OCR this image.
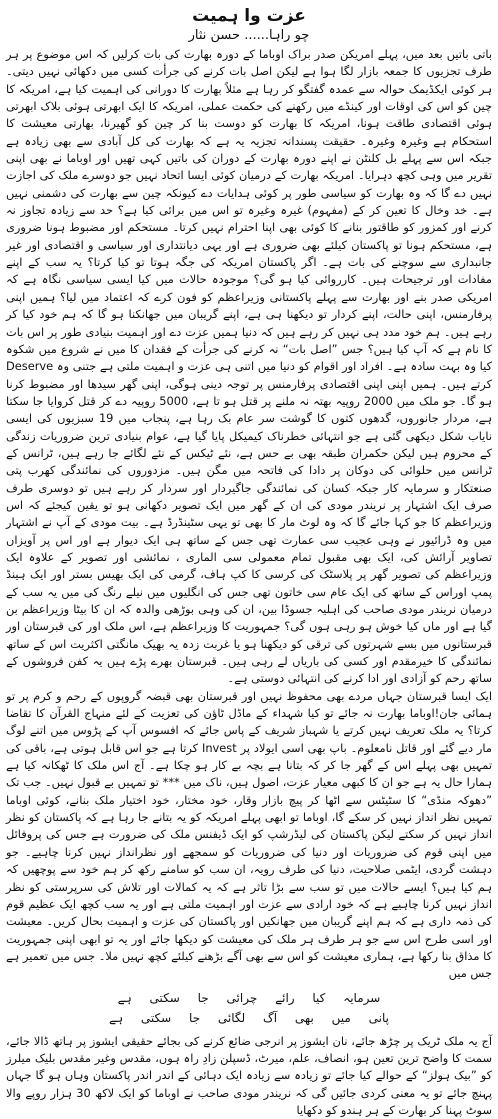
عزت وا ہمیت
چو راہا...... حسن نثار

باتی باتیں بعد میں، پہلے امریکن صدر براک اوباما کے دورہ بھارت کی بات کرلیں کہ اس موضوع پر ہر طرف تجزیوں کا جمعہ بازار لگا ہوا ہے لیکن اصل بات کرنے کی جرأت کسی میں دکھائی نہیں دیتی۔ ہر کوئی ایکڈیمک حوالہ سے عمدہ گفتگو کر رہا ہے مثلاً بھارت کا دورانی کی اہمیت کیا ہے، امریکہ کا چین کو اس کی اوقات اور کینڈے میں رکھنے کی حکمت عملی، امریکہ کا ایک ابھرتی ہوئی بلاک ابھرتی ہوئی اقتصادی طاقت ہونا، امریکہ کا بھارت کو دوست بنا کر چین کو گھیرنا، بھارتی معیشت کا استحکام ہے وغیرہ وغیرہ۔ حقیقت پسندانہ تجزیہ یہ ہے کہ بھارت کی کل آبادی سے بھی زیادہ ہے جبکہ اس سے پہلے بل کلنٹن نے اپنے دورہ بھارت کے دوران کی باتیں کہی تھیں اور اوباما نے بھی اپنی تقریر میں وہی کچھ دہرایا۔ امریکہ بھارت کے درمیان کوئی ایسا اتحاد نہیں جو دوسرے ملک کی اجازت نہیں دے گا کہ وہ بھارت کو سیاسی طور پر کوئی ہدایات دے کیونکہ چین سے بھارت کی دشمنی نہیں ہے۔ خد وخال کا تعین کر کے (مفہوم) غیرہ وغیرہ تو اس میں برائی کیا ہے؟ حد سے زیادہ تجاوز نہ کرنے اور کمزور کو طاقتور بنانے کا کوئی بھی اپنا احترام نہیں کرتا۔ مستحکم اور مضبوط ہونا ضروری ہے، مستحکم ہونا تو پاکستان کیلئے بھی ضروری ہے اور یہی دیانتداری اور سیاسی و اقتصادی اور غیر جانبداری سے سوچنے کی بات ہے۔ اگر پاکستان امریکہ کی جگہ ہوتا تو کیا کرتا؟ یہ سب کے اپنے مفادات اور ترجیحات ہیں۔ کارروائی کیا ہو گی؟ موجودہ حالات میں کیا ایسی سیاسی نگاہ ہے کہ امریکی صدر بنے اور بھارت سے پہلے پاکستانی وزیراعظم کو فون کرے کہ اعتماد میں لیا؟ ہمیں اپنی پرفارمنس، اپنی حالت، اپنے کردار تو دیکھنا ہی ہے، اپنے گریبان میں جھانکنا ہو گا کہ ہم خود کیا کر رہے ہیں۔ ہم خود مدد ہی نہیں کر رہے ہیں کہ دنیا ہمیں عزت دے اور اہمیت بنیادی طور پر اس بات کا نام ہے کہ آپ کیا ہیں؟ جس ”اصل بات“ نہ کرنے کی جرأت کے فقدان کا میں نے شروع میں شکوہ کیا وہ بہت سادہ ہے۔ افراد اور اقوام کو دنیا میں اتنی ہی عزت و اہمیت ملتی ہے جتنی وہ Deserve کرتے ہیں۔ ہمیں اپنی اپنی اقتصادی پرفارمنس پر توجہ دینی ہوگی، اپنی گھر سیدھا اور مضبوط کرنا ہو گا۔ جو ملک میں 2000 روپیہ بھتہ نہ ملنے پر قتل ہو تا ہے، 5000 روپیہ دے کر قتل کروایا جا سکتا ہے، مردار جانوروں، گدھوں کتوں کا گوشت سر عام بک رہا ہے، پنجاب میں 19 سبزیوں کی ایسی نایاب شکل دیکھی گئی ہے جو انتہائی خطرناک کیمیکل پایا گیا ہے، عوام بنیادی ترین ضروریات زندگی کے محروم ہیں لیکن حکمران طبقہ بھی بے حس ہے، نئے ٹیکس کے نئے لگائے جا رہے ہیں، ٹرانس کے ٹرانس میں حلوائی کی دوکان پر دادا کی فاتحہ میں مگن ہیں۔ مزدوروں کی نمائندگی کھرب پتی صنعتکار و سرمایہ کار جبکہ کسان کی نمائندگی جاگیردار اور سردار کر رہے ہیں تو دوسری طرف صرف ایک اشتہار پر نریندر مودی کی ان کے گھر میں ایک تصویر دکھانی ہو تو یقین کیجئے کہ اس وزیراعظم کا جو کہا جائے گا کہ وہ لوٹ مار کا بھی تو یہی سٹینڈرڈ ہے۔ بیت مودی کے آپ نے اشتہار میں وہ ڈرائیور نے وہی عجیب سی عمارت تھی جس کے ساتھ ہی ایک دیوار ہے اور اس پر آویزاں تصاویر آرائش کی، ایک بھی مقبول تمام معمولی سی الماری ، نمائشی اور تصویر کے علاوہ ایک وزیراعظم کی تصویر گھر پر پلاسٹک کی کرسی کا کپ ہاف، گرمی کی ایک بھیس بستر اور ایک ہینڈ پمپ اوراس کے ساتھ کی ایک عام سی خاتون تھی جس کی انگلیوں میں نیلے رنگ کی میں یہ سب کے درمیان نریندر مودی صاحب کی اہلیہ جسوڈا بین، ان کی وہی بوڑھی والدہ کہ ان کا بیٹا وزیراعظم بن گیا ہے اور ماں کیا خوش ہو رہی ہوں گی؟ جمہوریت کا وزیراعظم ہے، اس ملک اور کی قبرستان اور قبرستانوں میں بسے شہرتوں کی ترقی کو دیکھنا ہو یا غربت زدہ یہ بھیک مانگتی اکثریت اس کے ساتھ نمائندگی کا خیرمقدم اور کسی کی باریاں لے رہی ہیں۔ قبرستان بھرے پڑے ہیں یہ کفن فروشوں کے ساتھ رحم کو آزادی اور ادا کرنے کی انتہائی دوستی ہے۔

ایک ایسا قبرستان جہاں مردے بھی محفوظ نہیں اور قبرستان بھی قبضہ گروپوں کے رحم و کرم پر تو ہمائی جان!اوباما بھارت نہ جائے تو کیا شہداء کے ماڈل ٹاؤن کی تعزیت کے لئے منہاج القرآن کا تقاضا کرتا؟ یہ ملک تعریف نہیں کرتے یا شہباز شریف کے پاس جائے کہ افسوس آپ کے پڑوس میں اتنے لوگ مار دیے گئے اور قاتل نامعلوم۔ باپ بھی اسی ایولاد پر Invest کرتا ہے جو اس قابل ہوتی ہے، باقی کی تمہیں بھی پہلے اس کے گھر جا کر کہ بتانا ہے بچہ بے کار ہو چکا ہے۔ آج اس ملک کا ٹھکانہ کیا ہے ہمارا حال یہ ہے جو ان کا کبھی معیار عزت، اصول ہیں، ناک میں *** تو تمہیں بے قبول نہیں۔ جب تک ”دھوکہ منڈی“ کا سٹیٹس سے اٹھا کر پیچ بازار وقار، خود مختار، خود اختیار ملک بنانے، کوئی اوباما تمہیں نظر انداز نہیں کر سکے گا، اوباما تو ابھی پہلے امریکہ کو یہ بتانے جا رہا ہے کہ پاکستان کو نظر انداز نہیں کر سکتے لیکن پاکستان کی لیڈرشپ کو ایک ڈیفنس ملک کی ضرورت ہے جس کی پروفائل میں اپنی قوم کی ضروریات اور دنیا کی ضروریات کو سمجھے اور نظرانداز نہیں کرنا چاہیے۔ جو دہشت گردی، ایٹمی صلاحیت، دنیا کی طرف رویہ، ان سب کو سامنے رکھ کر ہم خود سے پوچھیں کہ ہم کیا ہیں؟ ایسے حالات میں تو سب سے بڑا تاثر ہے کہ یہ کمالات اور تلاش کی سرپرستی کو نظر انداز نہیں کرنا چاہیے ہے کہ خود ارادی سے عزت اور اہمیت ملتی ہے اور یہ سب کچھ ایک عظیم قوم کی ذمہ داری ہے کہ ہم اپنے گریبان میں جھانکیں اور پاکستان کی عزت و اہمیت بحال کریں۔ معیشت اور اسی طرح اس سے جو ہر طرف ہر ملک کی معیشت کو دیکھا جائے اور یہ تو ابھی اپنی جمہوریت کا مذاق بنا رکھا ہے، ہماری معیشت کو اس سے بھی آگے بڑھنے کیلئے کچھ نہیں ملا۔ جس میں تعمیر ہے جس میں

سرمایہ کیا رائے چرائی جا سکتی ہے
پانی میں بھی آگ لگائی جا سکتی ہے

آج یہ ملک ٹریک پر چڑھ جائے، نان ایشوز پر انرجی ضائع کرنے کی بجائے حقیقی ایشوز پر ہاتھ ڈالا جائے، سمت کا واضح ترین تعین ہو، انصاف، علم، میرٹ، ڈسپلن زادِ راہ ہوں، مقدس وغیر مقدس بلیک میلرز کو ”بیک ہولز“ کے حوالے کیا جائے تو زیادہ سے زیادہ ایک دہائی کے اندر اندر پاکستان وہاں ہو گا جہاں پہنچ جائے تو یہ معنی کردی جائیں گی کہ نریندر مودی صاحب نے اوباما کو ایک لاکھ 30 ہزار روپے والا سوٹ پہنا کر بھارت کے ہر ہندو کو دکھایا
